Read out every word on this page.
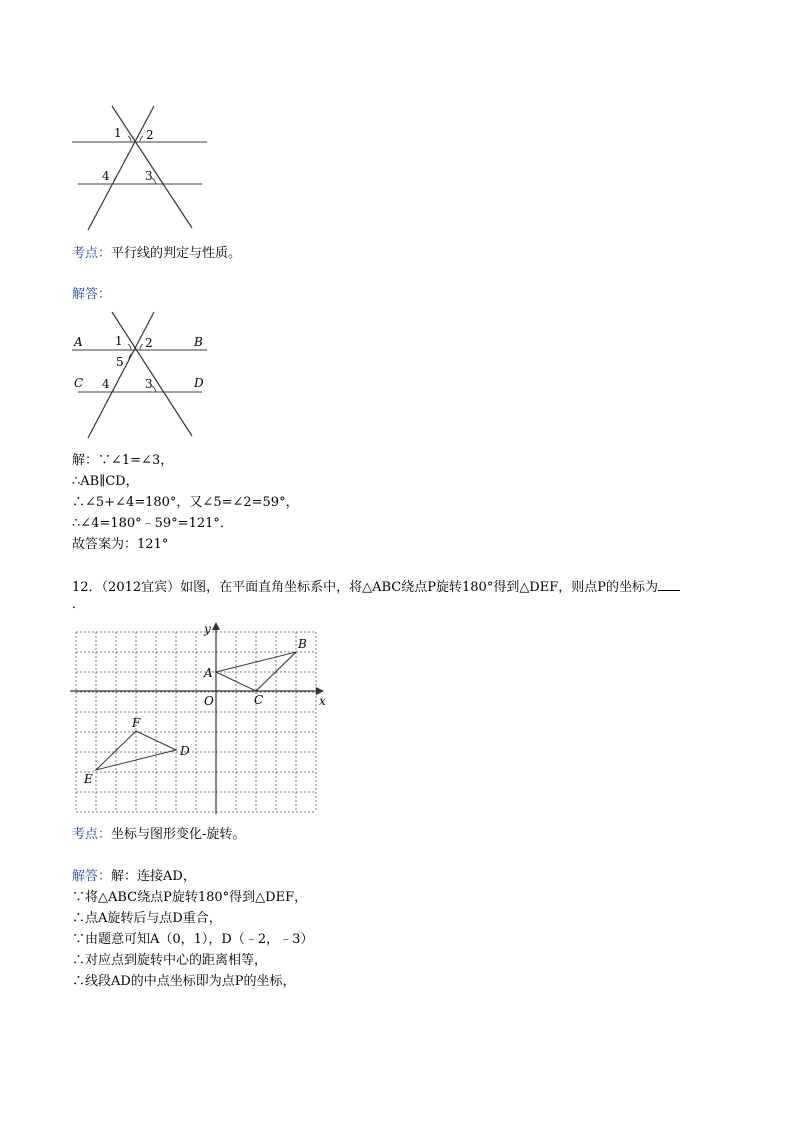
1 2
4	3
考点：平行线的判定与性质。
解答：
A	1 2	B
5
C 4	3	D
解：∵∠1=∠3，
∴AB∥CD，
∴∠5+∠4=180°，又∠5=∠2=59°，
∴∠4=180°﹣59°=121°．
故答案为：121°
12．（2012宜宾）如图，在平面直角坐标系中，将△ABC绕点P旋转180°得到△DEF，则点P的坐标为
．
y
x
O
A
B
C
D
E
F
考点：坐标与图形变化-旋转。
解答：解：连接AD，
∵将△ABC绕点P旋转180°得到△DEF，
∴点A旋转后与点D重合，
∵由题意可知A（0，1），D（﹣2，﹣3）
∴对应点到旋转中心的距离相等，
∴线段AD的中点坐标即为点P的坐标，
